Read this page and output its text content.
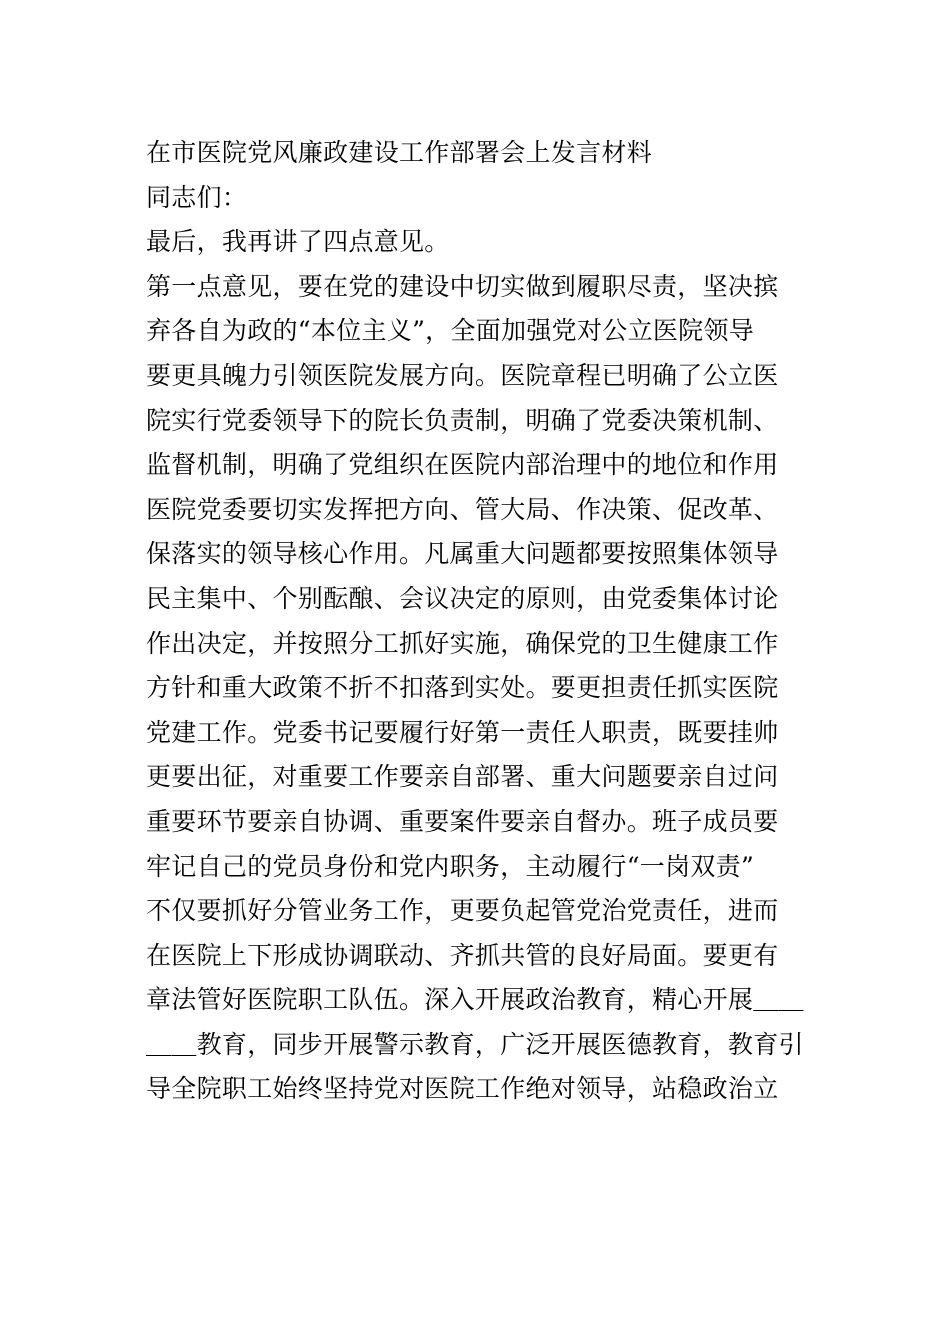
在市医院党风廉政建设工作部署会上发言材料
同志们：
最后，我再讲了四点意见。
第一点意见，要在党的建设中切实做到履职尽责，坚决摈
弃各自为政的“本位主义”，全面加强党对公立医院领导
要更具魄力引领医院发展方向。医院章程已明确了公立医
院实行党委领导下的院长负责制，明确了党委决策机制、
监督机制，明确了党组织在医院内部治理中的地位和作用
医院党委要切实发挥把方向、管大局、作决策、促改革、
保落实的领导核心作用。凡属重大问题都要按照集体领导
民主集中、个别酝酿、会议决定的原则，由党委集体讨论
作出决定，并按照分工抓好实施，确保党的卫生健康工作
方针和重大政策不折不扣落到实处。要更担责任抓实医院
党建工作。党委书记要履行好第一责任人职责，既要挂帅
更要出征，对重要工作要亲自部署、重大问题要亲自过问
重要环节要亲自协调、重要案件要亲自督办。班子成员要
牢记自己的党员身份和党内职务，主动履行“一岗双责”
不仅要抓好分管业务工作，更要负起管党治党责任，进而
在医院上下形成协调联动、齐抓共管的良好局面。要更有
章法管好医院职工队伍。深入开展政治教育，精心开展＿＿
＿＿教育，同步开展警示教育，广泛开展医德教育，教育引
导全院职工始终坚持党对医院工作绝对领导，站稳政治立
